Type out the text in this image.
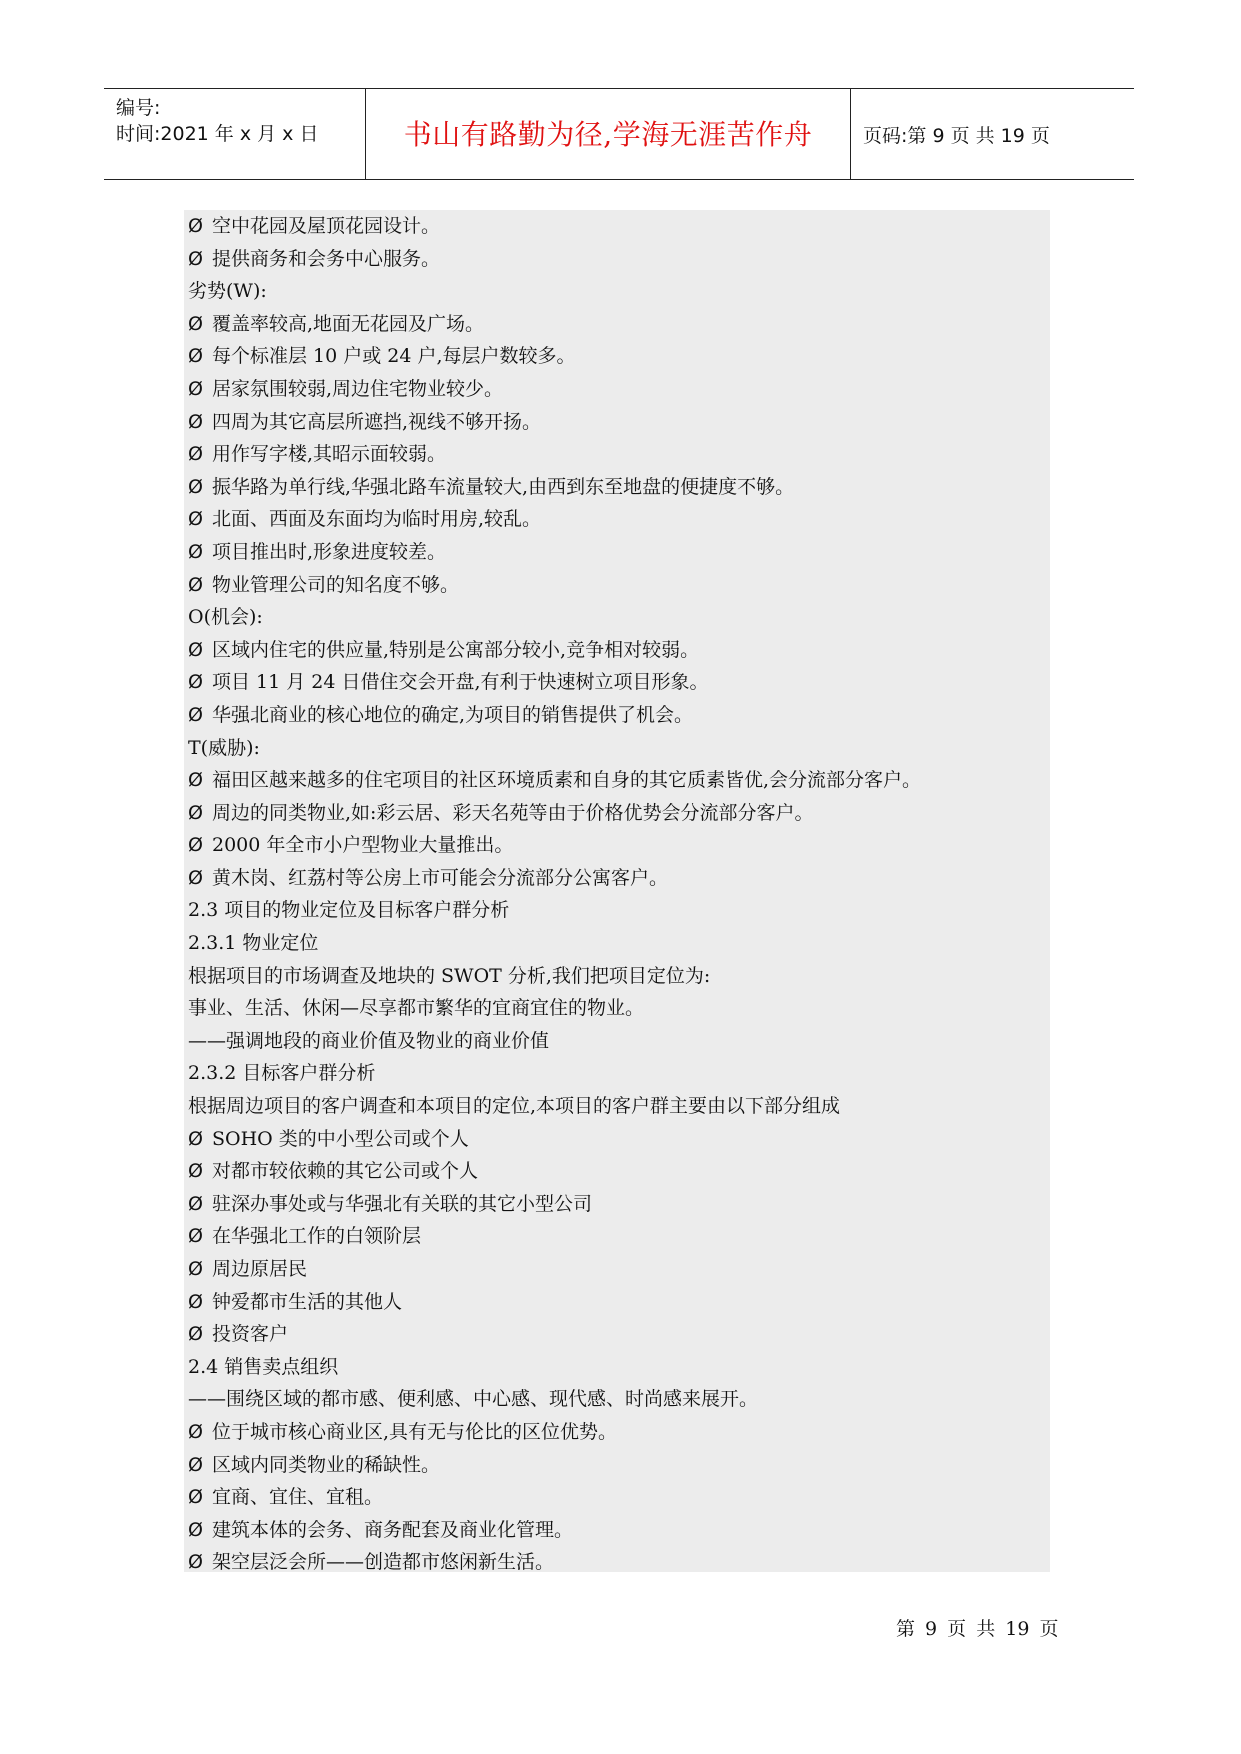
编号:
时间:2021 年 x 月 x 日	书山有路勤为径,学海无涯苦作舟	页码:第 9 页 共 19 页
Ø 空中花园及屋顶花园设计。
Ø 提供商务和会务中心服务。
劣势(W):
Ø 覆盖率较高,地面无花园及广场。
Ø 每个标准层 10 户或 24 户,每层户数较多。
Ø 居家氛围较弱,周边住宅物业较少。
Ø 四周为其它高层所遮挡,视线不够开扬。
Ø 用作写字楼,其昭示面较弱。
Ø 振华路为单行线,华强北路车流量较大,由西到东至地盘的便捷度不够。
Ø 北面、西面及东面均为临时用房,较乱。
Ø 项目推出时,形象进度较差。
Ø 物业管理公司的知名度不够。
O(机会):
Ø 区域内住宅的供应量,特别是公寓部分较小,竞争相对较弱。
Ø 项目 11 月 24 日借住交会开盘,有利于快速树立项目形象。
Ø 华强北商业的核心地位的确定,为项目的销售提供了机会。
T(威胁):
Ø 福田区越来越多的住宅项目的社区环境质素和自身的其它质素皆优,会分流部分客户。
Ø 周边的同类物业,如:彩云居、彩天名苑等由于价格优势会分流部分客户。
Ø 2000 年全市小户型物业大量推出。
Ø 黄木岗、红荔村等公房上市可能会分流部分公寓客户。
2.3 项目的物业定位及目标客户群分析
2.3.1 物业定位
根据项目的市场调查及地块的 SWOT 分析,我们把项目定位为:
事业、生活、休闲—尽享都市繁华的宜商宜住的物业。
——强调地段的商业价值及物业的商业价值
2.3.2 目标客户群分析
根据周边项目的客户调查和本项目的定位,本项目的客户群主要由以下部分组成
Ø SOHO 类的中小型公司或个人
Ø 对都市较依赖的其它公司或个人
Ø 驻深办事处或与华强北有关联的其它小型公司
Ø 在华强北工作的白领阶层
Ø 周边原居民
Ø 钟爱都市生活的其他人
Ø 投资客户
2.4 销售卖点组织
——围绕区域的都市感、便利感、中心感、现代感、时尚感来展开。
Ø 位于城市核心商业区,具有无与伦比的区位优势。
Ø 区域内同类物业的稀缺性。
Ø 宜商、宜住、宜租。
Ø 建筑本体的会务、商务配套及商业化管理。
Ø 架空层泛会所——创造都市悠闲新生活。
第 9 页 共 19 页
